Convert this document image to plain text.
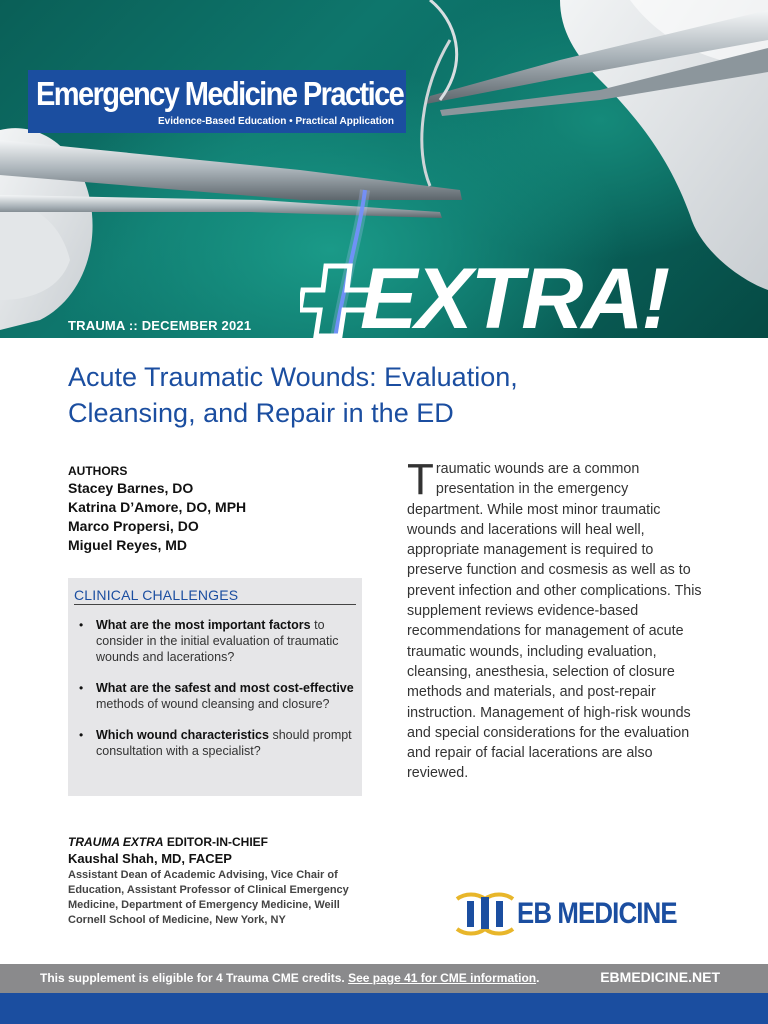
Emergency Medicine Practice
Evidence-Based Education • Practical Application
TRAUMA :: DECEMBER 2021 EXTRA!
Acute Traumatic Wounds: Evaluation,
Cleansing, and Repair in the ED
AUTHORS
Stacey Barnes, DO
Katrina D’Amore, DO, MPH
Marco Propersi, DO
Miguel Reyes, MD
CLINICAL CHALLENGES
• What are the most important factors to consider in the initial evaluation of traumatic wounds and lacerations?
• What are the safest and most cost-effective methods of wound cleansing and closure?
• Which wound characteristics should prompt consultation with a specialist?
TRAUMA EXTRA EDITOR-IN-CHIEF
Kaushal Shah, MD, FACEP
Assistant Dean of Academic Advising, Vice Chair of Education, Assistant Professor of Clinical Emergency Medicine, Department of Emergency Medicine, Weill Cornell School of Medicine, New York, NY
Traumatic wounds are a common presentation in the emergency department. While most minor traumatic wounds and lacerations will heal well, appropriate management is required to preserve function and cosmesis as well as to prevent infection and other complications. This supplement reviews evidence-based recommendations for management of acute traumatic wounds, including evaluation, cleansing, anesthesia, selection of closure methods and materials, and post-repair instruction. Management of high-risk wounds and special considerations for the evaluation and repair of facial lacerations are also reviewed.
EB MEDICINE
This supplement is eligible for 4 Trauma CME credits. See page 41 for CME information.	EBMEDICINE.NET
